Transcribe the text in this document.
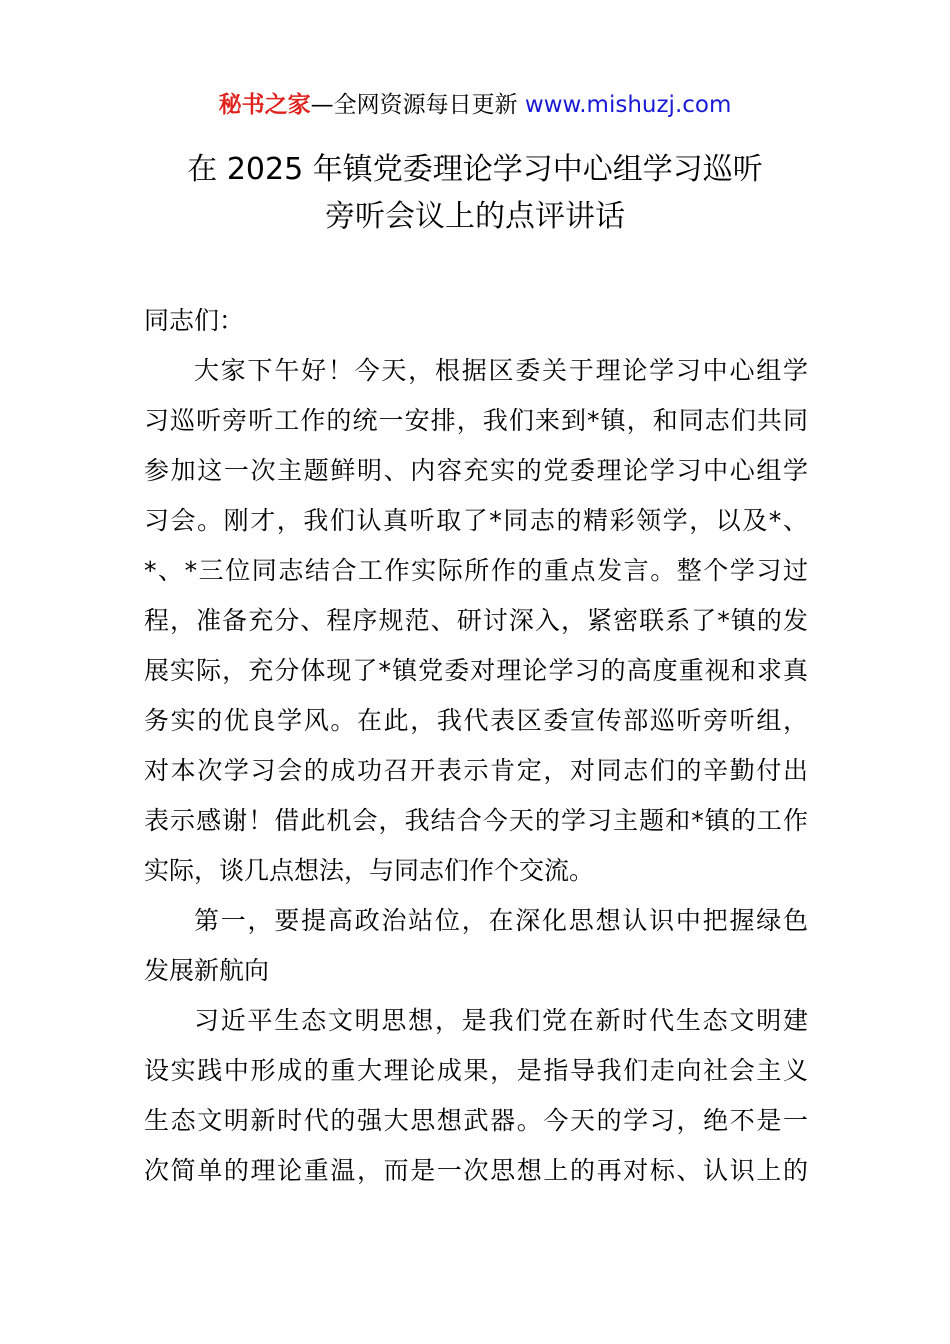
秘书之家—全网资源每日更新 www.mishuzj.com
在 2025 年镇党委理论学习中心组学习巡听
旁听会议上的点评讲话
同志们：
大家下午好！今天，根据区委关于理论学习中心组学
习巡听旁听工作的统一安排，我们来到*镇，和同志们共同
参加这一次主题鲜明、内容充实的党委理论学习中心组学
习会。刚才，我们认真听取了*同志的精彩领学，以及*、
*、*三位同志结合工作实际所作的重点发言。整个学习过
程，准备充分、程序规范、研讨深入，紧密联系了*镇的发
展实际，充分体现了*镇党委对理论学习的高度重视和求真
务实的优良学风。在此，我代表区委宣传部巡听旁听组，
对本次学习会的成功召开表示肯定，对同志们的辛勤付出
表示感谢！借此机会，我结合今天的学习主题和*镇的工作
实际，谈几点想法，与同志们作个交流。
第一，要提高政治站位，在深化思想认识中把握绿色
发展新航向
习近平生态文明思想，是我们党在新时代生态文明建
设实践中形成的重大理论成果，是指导我们走向社会主义
生态文明新时代的强大思想武器。今天的学习，绝不是一
次简单的理论重温，而是一次思想上的再对标、认识上的
